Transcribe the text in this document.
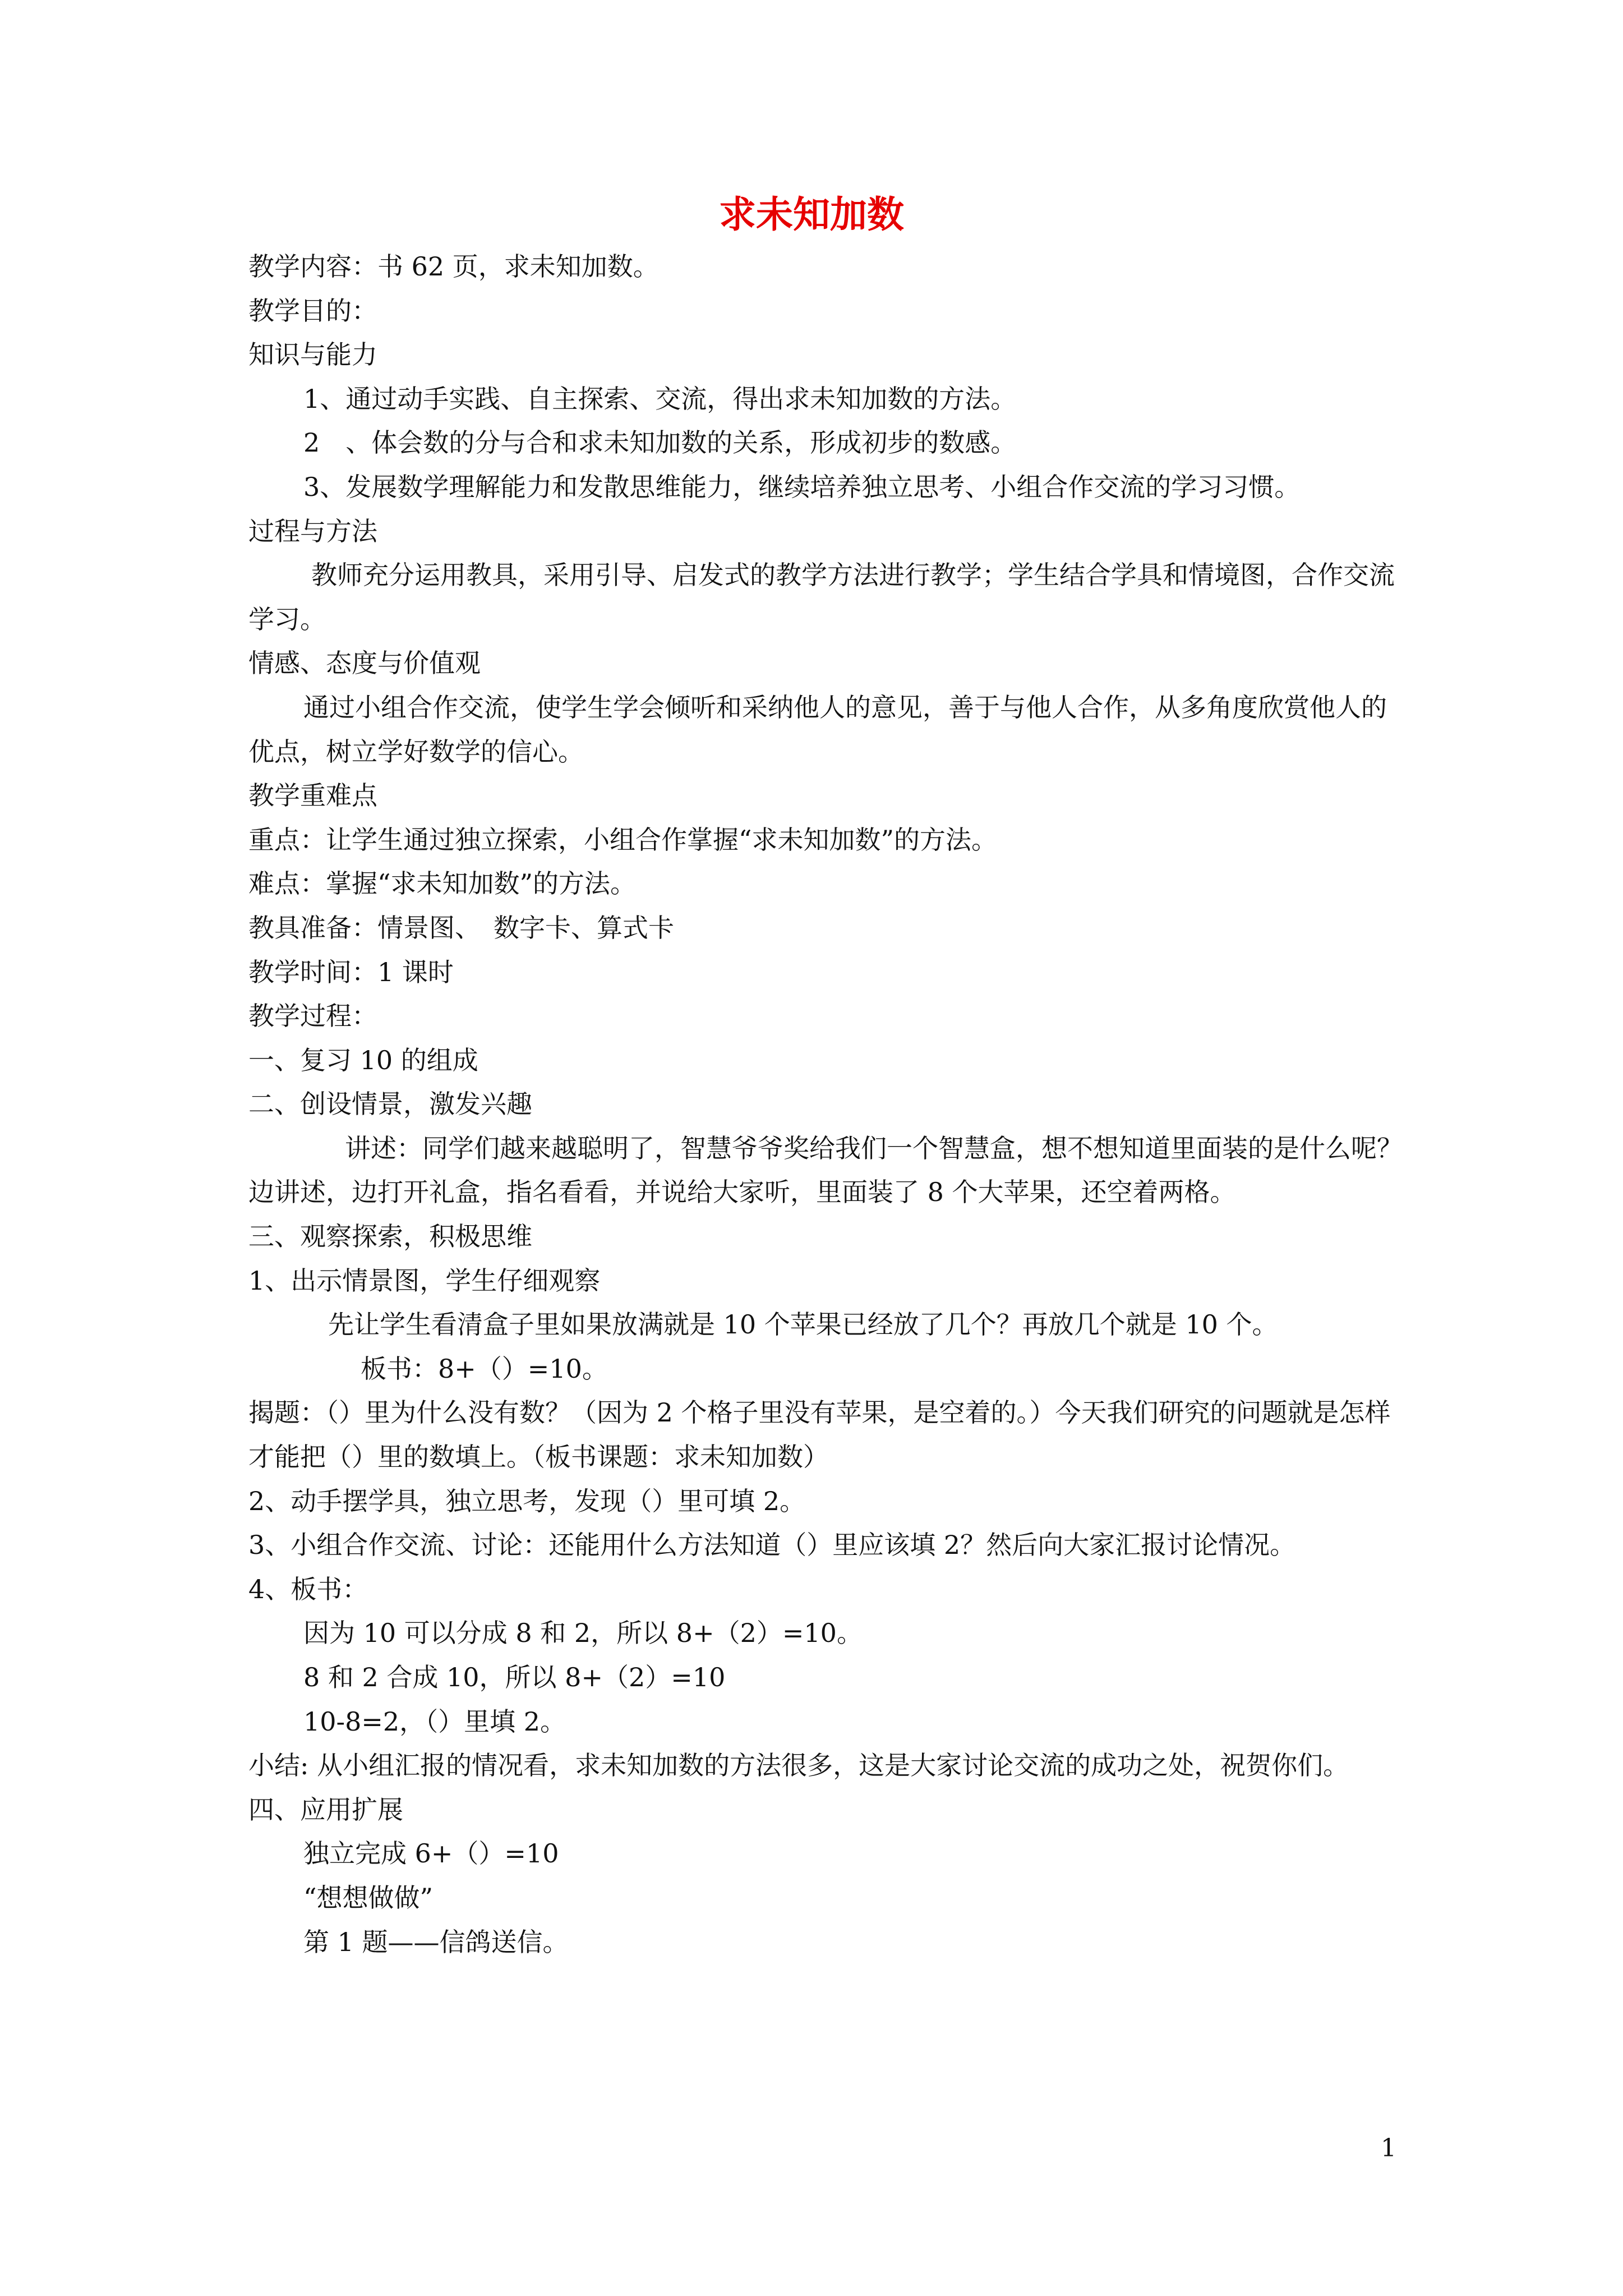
求未知加数

教学内容：书 62 页，求未知加数。

教学目的：

知识与能力

1、通过动手实践、自主探索、交流，得出求未知加数的方法。

2　、体会数的分与合和求未知加数的关系，形成初步的数感。

3、发展数学理解能力和发散思维能力，继续培养独立思考、小组合作交流的学习习惯。

过程与方法

教师充分运用教具，采用引导、启发式的教学方法进行教学；学生结合学具和情境图，合作交流学习。

情感、态度与价值观

通过小组合作交流，使学生学会倾听和采纳他人的意见，善于与他人合作，从多角度欣赏他人的优点，树立学好数学的信心。

教学重难点

重点：让学生通过独立探索，小组合作掌握“求未知加数”的方法。

难点：掌握“求未知加数”的方法。

教具准备：情景图、　数字卡、算式卡

教学时间：1 课时

教学过程：

一、复习 10 的组成

二、创设情景，激发兴趣

讲述：同学们越来越聪明了，智慧爷爷奖给我们一个智慧盒，想不想知道里面装的是什么呢？边讲述，边打开礼盒，指名看看，并说给大家听，里面装了 8 个大苹果，还空着两格。

三、观察探索，积极思维

1、出示情景图，学生仔细观察

先让学生看清盒子里如果放满就是 10 个苹果已经放了几个？再放几个就是 10 个。

板书：8+（）=10。

揭题：（）里为什么没有数？（因为 2 个格子里没有苹果，是空着的。）今天我们研究的问题就是怎样才能把（）里的数填上。（板书课题：求未知加数）

2、动手摆学具，独立思考，发现（）里可填 2。

3、小组合作交流、讨论：还能用什么方法知道（）里应该填 2？然后向大家汇报讨论情况。

4、板书：

因为 10 可以分成 8 和 2，所以 8+（2）=10。

8 和 2 合成 10，所以 8+（2）=10

10-8=2，（）里填 2。

小结: 从小组汇报的情况看，求未知加数的方法很多，这是大家讨论交流的成功之处，祝贺你们。

四、应用扩展

独立完成 6+（）=10

“想想做做”

第 1 题——信鸽送信。

1
